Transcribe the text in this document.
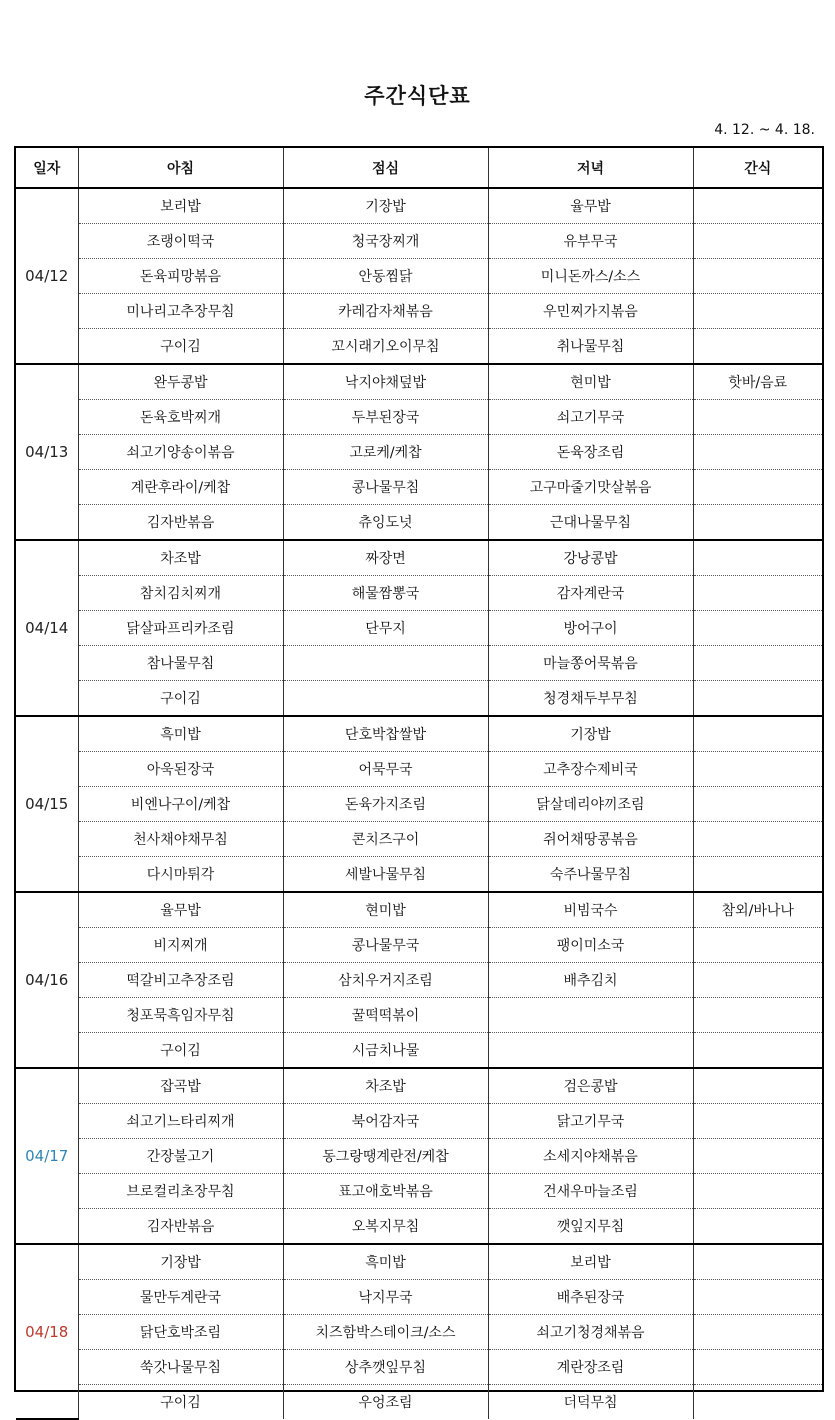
주간식단표
4. 12. ~ 4. 18.
일자	아침	점심	저녁	간식
04/12	보리밥	기장밥	율무밥	
	조랭이떡국	청국장찌개	유부무국	
	돈육피망볶음	안동찜닭	미니돈까스/소스	
	미나리고추장무침	카레감자채볶음	우민찌가지볶음	
	구이김	꼬시래기오이무침	취나물무침	
04/13	완두콩밥	낙지야채덮밥	현미밥	핫바/음료
	돈육호박찌개	두부된장국	쇠고기무국	
	쇠고기양송이볶음	고로케/케찹	돈육장조림	
	계란후라이/케찹	콩나물무침	고구마줄기맛살볶음	
	김자반볶음	츄잉도넛	근대나물무침	
04/14	차조밥	짜장면	강낭콩밥	
	참치김치찌개	해물짬뽕국	감자계란국	
	닭살파프리카조림	단무지	방어구이	
	참나물무침		마늘쫑어묵볶음	
	구이김		청경채두부무침	
04/15	흑미밥	단호박찹쌀밥	기장밥	
	아욱된장국	어묵무국	고추장수제비국	
	비엔나구이/케찹	돈육가지조림	닭살데리야끼조림	
	천사채야채무침	콘치즈구이	쥐어채땅콩볶음	
	다시마튀각	세발나물무침	숙주나물무침	
04/16	율무밥	현미밥	비빔국수	참외/바나나
	비지찌개	콩나물무국	팽이미소국	
	떡갈비고추장조림	삼치우거지조림	배추김치	
	청포묵흑임자무침	꿀떡떡볶이		
	구이김	시금치나물		
04/17	잡곡밥	차조밥	검은콩밥	
	쇠고기느타리찌개	북어감자국	닭고기무국	
	간장불고기	동그랑땡계란전/케찹	소세지야채볶음	
	브로컬리초장무침	표고애호박볶음	건새우마늘조림	
	김자반볶음	오복지무침	깻잎지무침	
04/18	기장밥	흑미밥	보리밥	
	물만두계란국	낙지무국	배추된장국	
	닭단호박조림	치즈함박스테이크/소스	쇠고기청경채볶음	
	쑥갓나물무침	상추깻잎무침	계란장조림	
	구이김	우엉조림	더덕무침	
